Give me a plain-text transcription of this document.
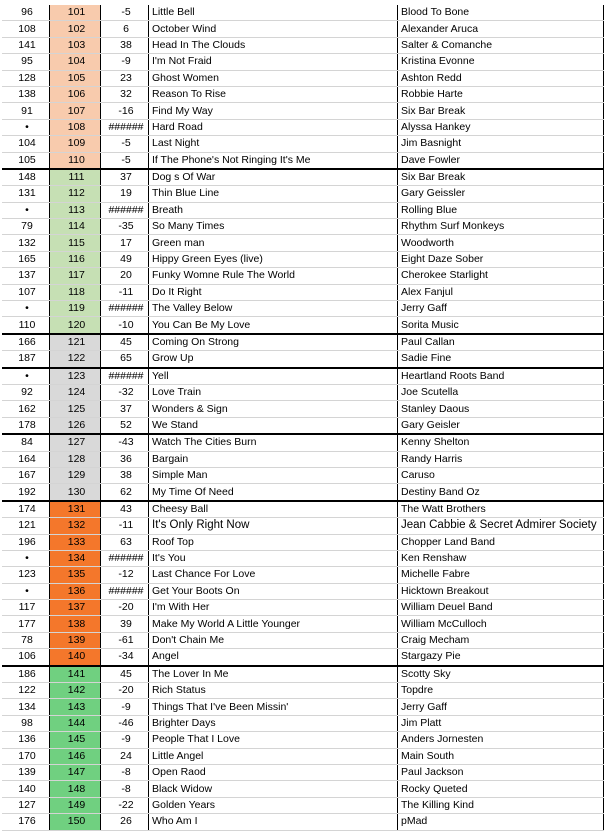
96	101	-5	Little Bell	Blood To Bone
108	102	6	October Wind	Alexander Aruca
141	103	38	Head In The Clouds	Salter & Comanche
95	104	-9	I'm Not Fraid	Kristina Evonne
128	105	23	Ghost Women	Ashton Redd
138	106	32	Reason To Rise	Robbie Harte
91	107	-16	Find My Way	Six Bar Break
•	108	######	Hard Road	Alyssa Hankey
104	109	-5	Last Night	Jim Basnight
105	110	-5	If The Phone's Not Ringing It's Me	Dave Fowler
148	111	37	Dog s Of War	Six Bar Break
131	112	19	Thin Blue Line	Gary Geissler
•	113	######	Breath	Rolling Blue
79	114	-35	So Many Times	Rhythm Surf Monkeys
132	115	17	Green man	Woodworth
165	116	49	Hippy Green Eyes (live)	Eight Daze Sober
137	117	20	Funky Womne Rule The World	Cherokee Starlight
107	118	-11	Do It Right	Alex Fanjul
•	119	######	The Valley Below	Jerry Gaff
110	120	-10	You Can Be My Love	Sorita Music
166	121	45	Coming On Strong	Paul Callan
187	122	65	Grow Up	Sadie Fine
•	123	######	Yell	Heartland Roots Band
92	124	-32	Love Train	Joe Scutella
162	125	37	Wonders & Sign	Stanley Daous
178	126	52	We Stand	Gary Geisler
84	127	-43	Watch The Cities Burn	Kenny Shelton
164	128	36	Bargain	Randy Harris
167	129	38	Simple Man	Caruso
192	130	62	My Time Of Need	Destiny Band Oz
174	131	43	Cheesy Ball	The Watt Brothers
121	132	-11	It's Only Right Now	Jean Cabbie & Secret Admirer Society
196	133	63	Roof Top	Chopper Land Band
•	134	######	It's You	Ken Renshaw
123	135	-12	Last Chance For Love	Michelle Fabre
•	136	######	Get Your Boots On	Hicktown Breakout
117	137	-20	I'm With Her	William Deuel Band
177	138	39	Make My World A Little Younger	William McCulloch
78	139	-61	Don't Chain Me	Craig Mecham
106	140	-34	Angel	Stargazy Pie
186	141	45	The Lover In Me	Scotty Sky
122	142	-20	Rich Status	Topdre
134	143	-9	Things That I've Been Missin'	Jerry Gaff
98	144	-46	Brighter Days	Jim Platt
136	145	-9	People That I Love	Anders Jornesten
170	146	24	Little Angel	Main South
139	147	-8	Open Raod	Paul Jackson
140	148	-8	Black Widow	Rocky Queted
127	149	-22	Golden Years	The Killing Kind
176	150	26	Who Am I	pMad
